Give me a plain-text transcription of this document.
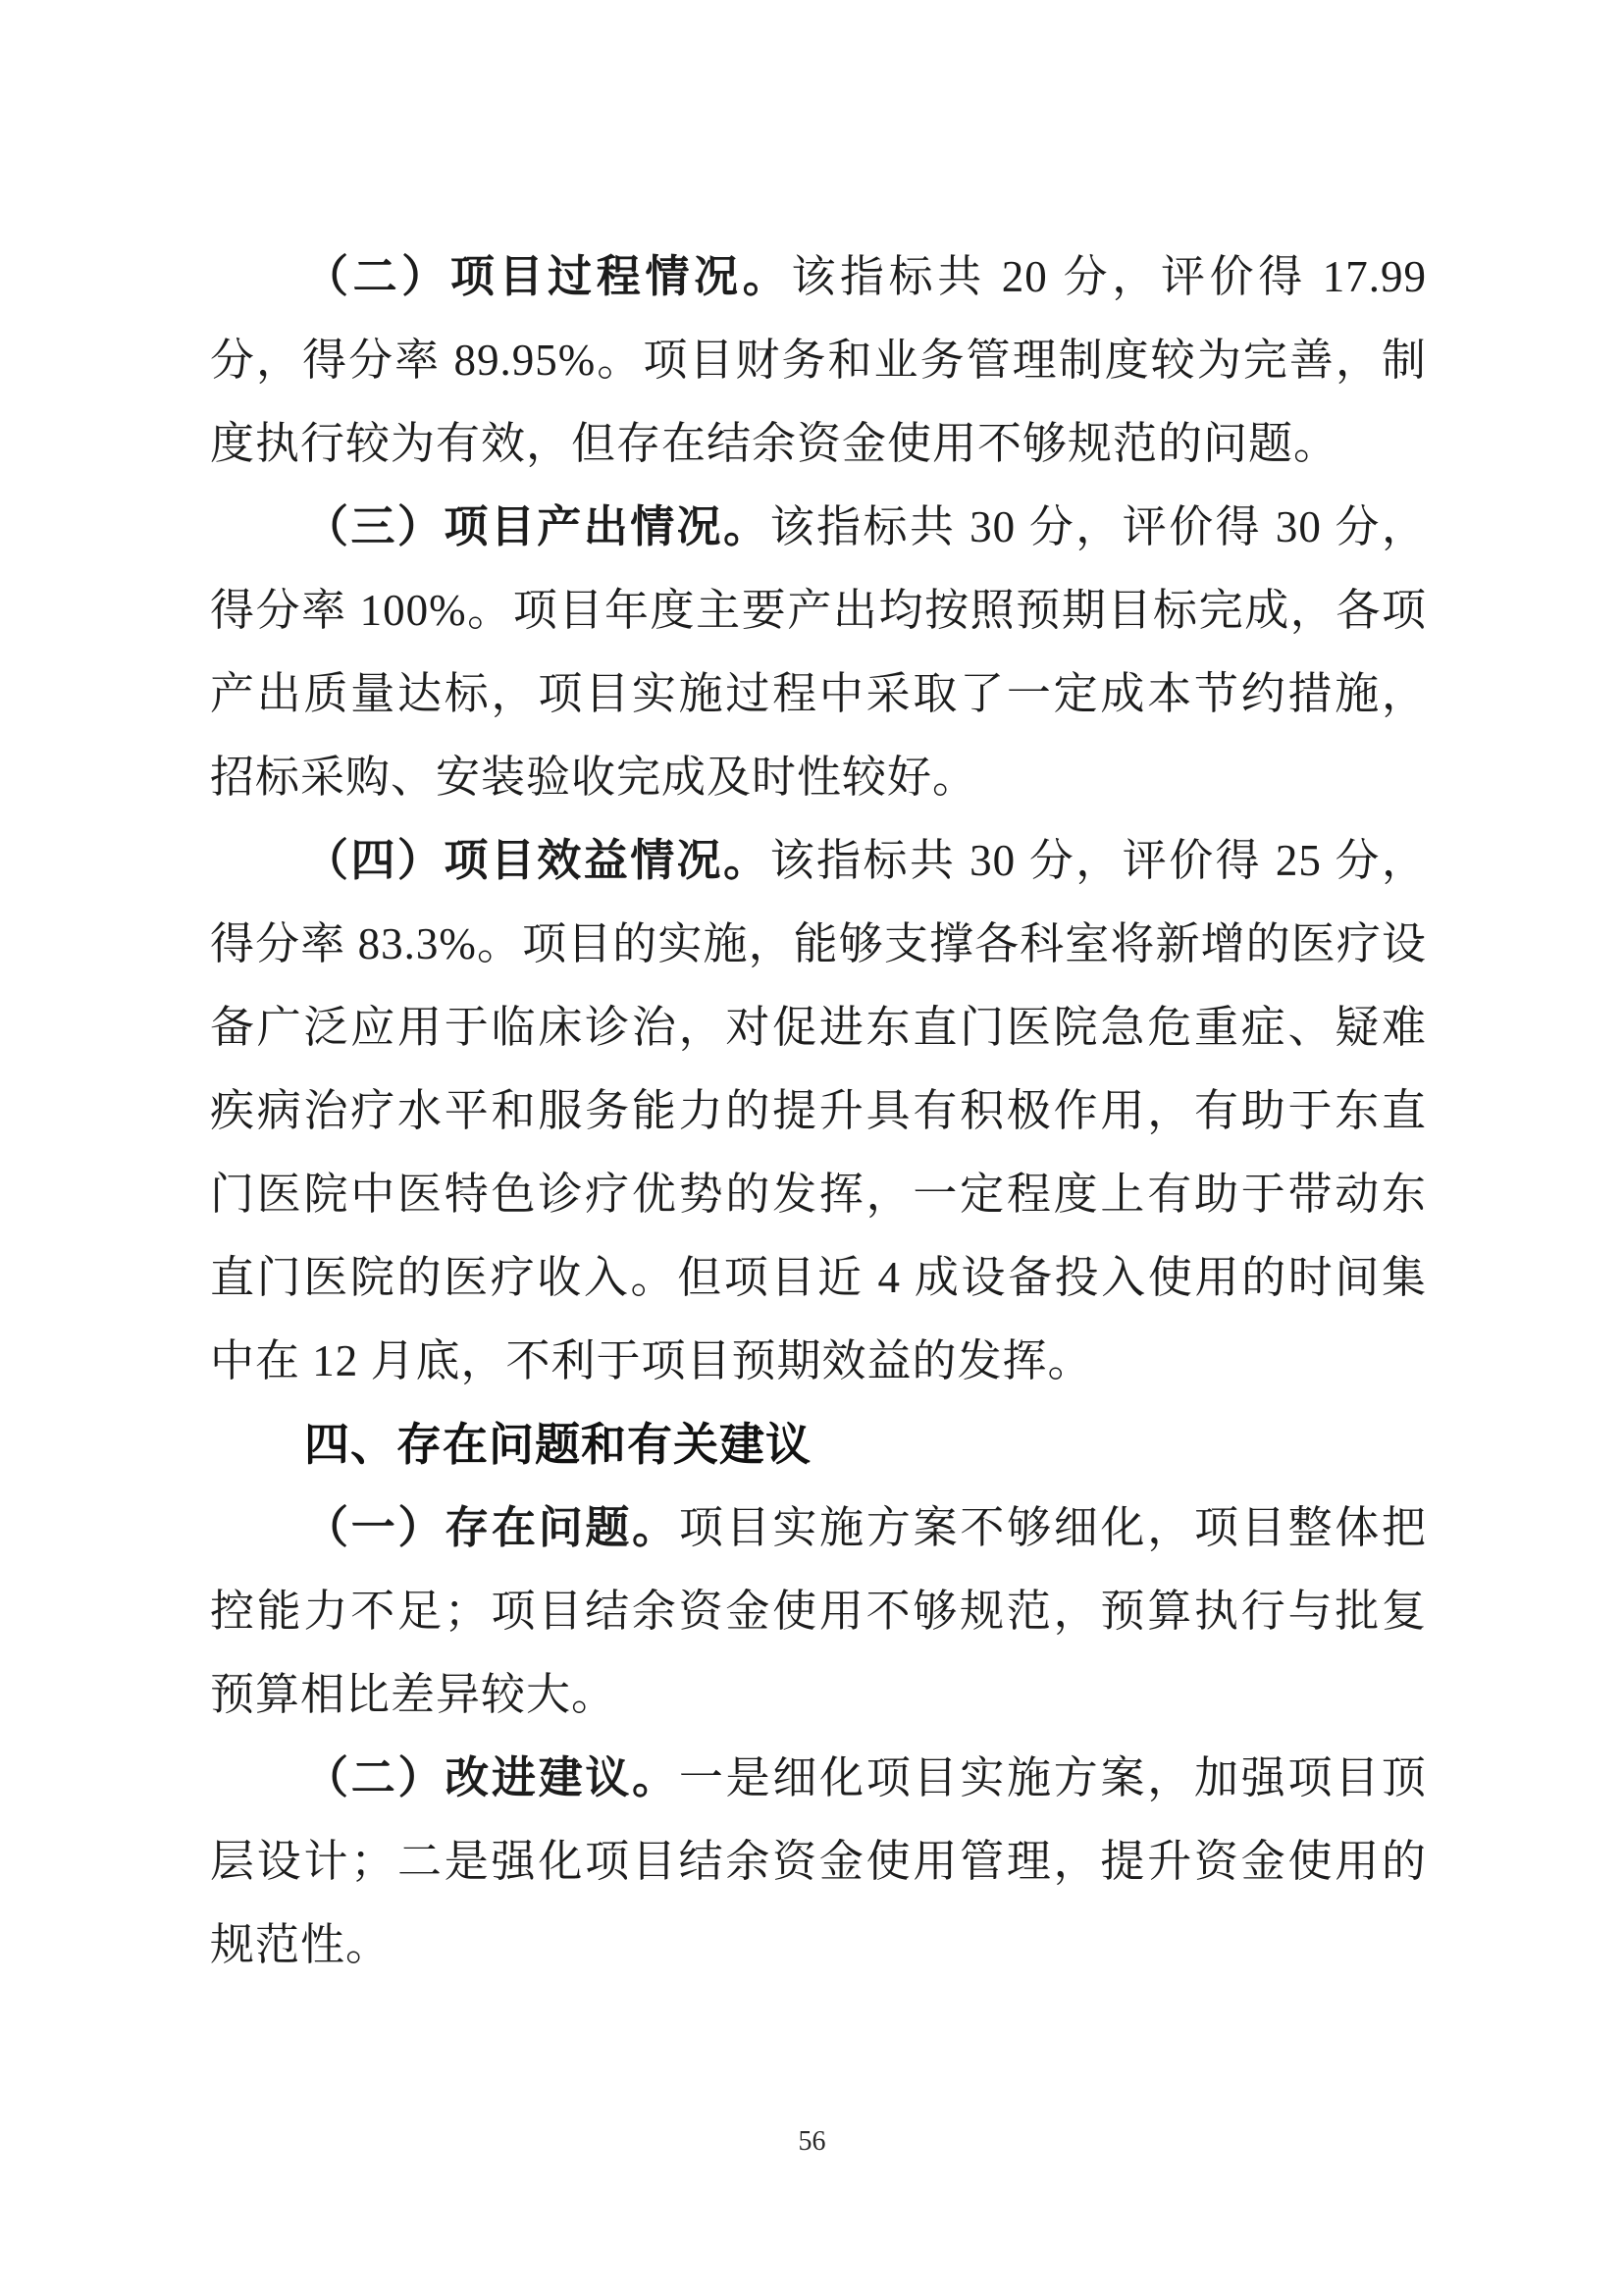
（二）项目过程情况。该指标共 20 分，评价得 17.99 分，得分率 89.95%。项目财务和业务管理制度较为完善，制度执行较为有效，但存在结余资金使用不够规范的问题。

（三）项目产出情况。该指标共 30 分，评价得 30 分，得分率 100%。项目年度主要产出均按照预期目标完成，各项产出质量达标，项目实施过程中采取了一定成本节约措施，招标采购、安装验收完成及时性较好。

（四）项目效益情况。该指标共 30 分，评价得 25 分，得分率 83.3%。项目的实施，能够支撑各科室将新增的医疗设备广泛应用于临床诊治，对促进东直门医院急危重症、疑难疾病治疗水平和服务能力的提升具有积极作用，有助于东直门医院中医特色诊疗优势的发挥，一定程度上有助于带动东直门医院的医疗收入。但项目近 4 成设备投入使用的时间集中在 12 月底，不利于项目预期效益的发挥。

四、存在问题和有关建议

（一）存在问题。项目实施方案不够细化，项目整体把控能力不足；项目结余资金使用不够规范，预算执行与批复预算相比差异较大。

（二）改进建议。一是细化项目实施方案，加强项目顶层设计；二是强化项目结余资金使用管理，提升资金使用的规范性。

56
